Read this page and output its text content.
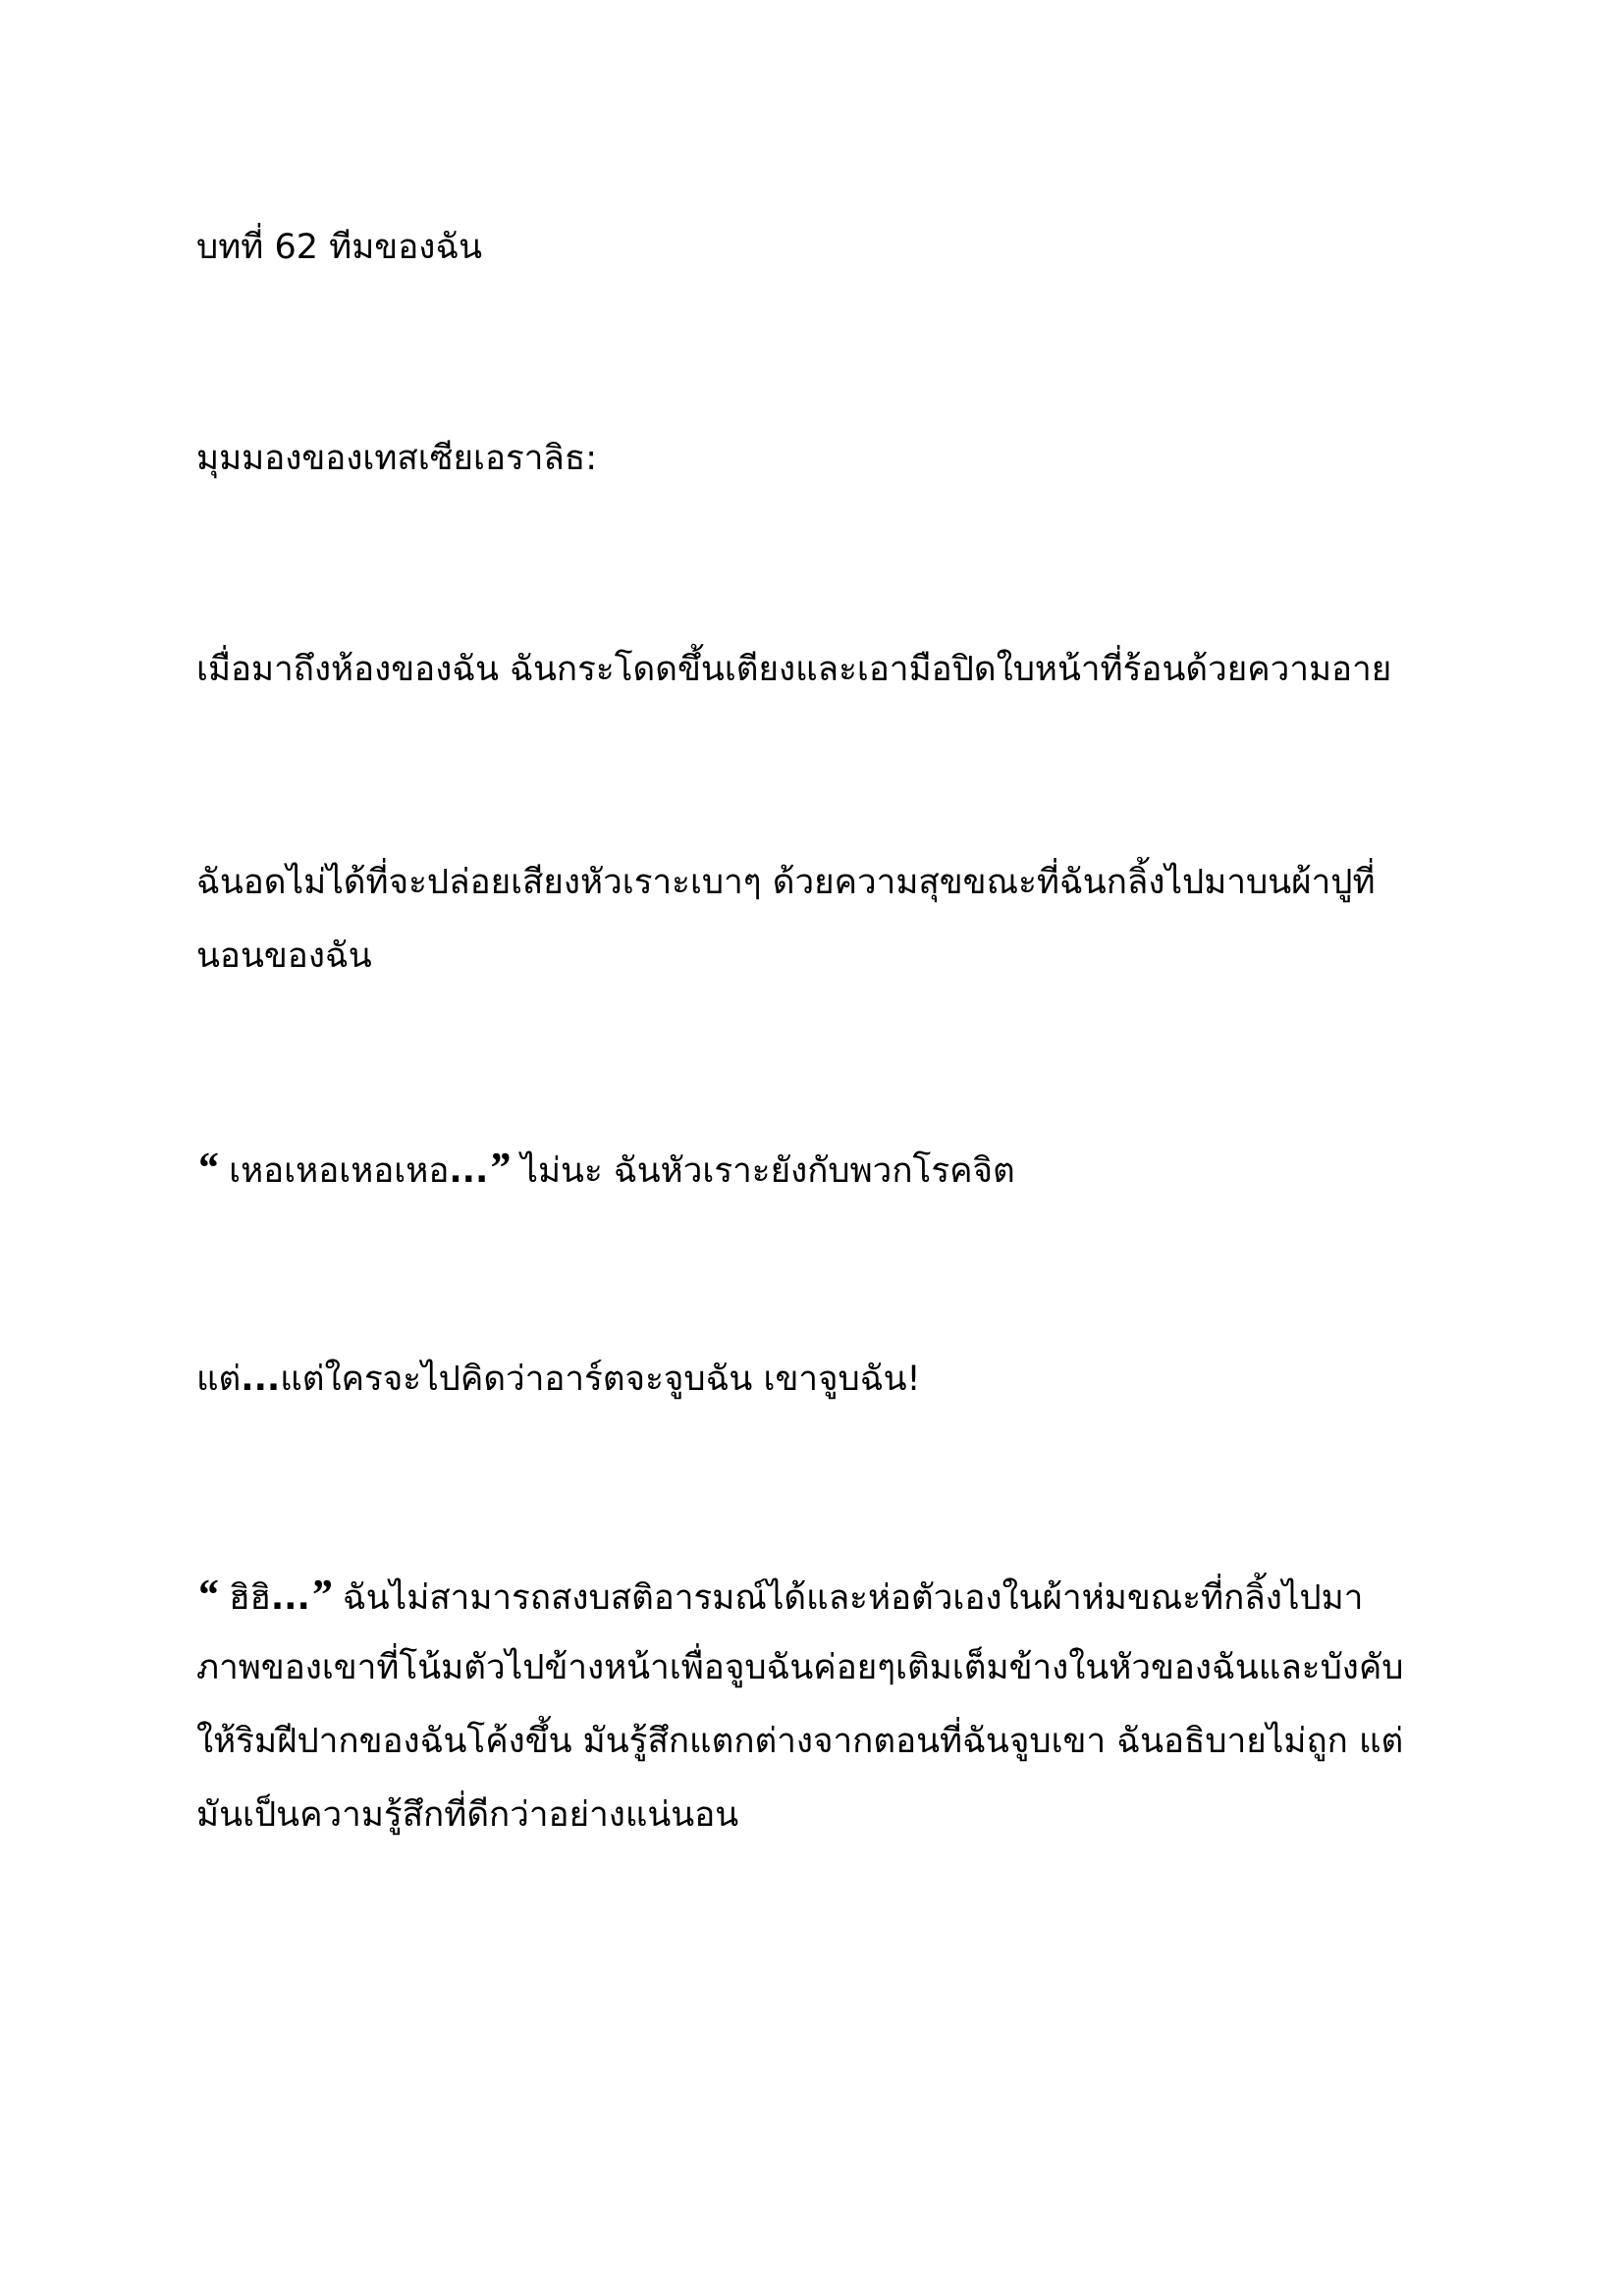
บทที่ 62 ทีมของฉัน
มุมมองของเทสเซียเอราลิธ:
เมื่อมาถึงห้องของฉัน ฉันกระโดดขึ้นเตียงและเอามือปิดใบหน้าที่ร้อนด้วยความอาย
ฉันอดไม่ได้ที่จะปล่อยเสียงหัวเราะเบาๆ ด้วยความสุขขณะที่ฉันกลิ้งไปมาบนผ้าปูที่
นอนของฉัน
“ เหอเหอเหอเหอ...” ไม่นะ ฉันหัวเราะยังกับพวกโรคจิต
แต่...แต่ใครจะไปคิดว่าอาร์ตจะจูบฉัน เขาจูบฉัน!
“ ฮิฮิ...” ฉันไม่สามารถสงบสติอารมณ์ได้และห่อตัวเองในผ้าห่มขณะที่กลิ้งไปมา
ภาพของเขาที่โน้มตัวไปข้างหน้าเพื่อจูบฉันค่อยๆเติมเต็มข้างในหัวของฉันและบังคับ
ให้ริมฝีปากของฉันโค้งขึ้น มันรู้สึกแตกต่างจากตอนที่ฉันจูบเขา ฉันอธิบายไม่ถูก แต่
มันเป็นความรู้สึกที่ดีกว่าอย่างแน่นอน
